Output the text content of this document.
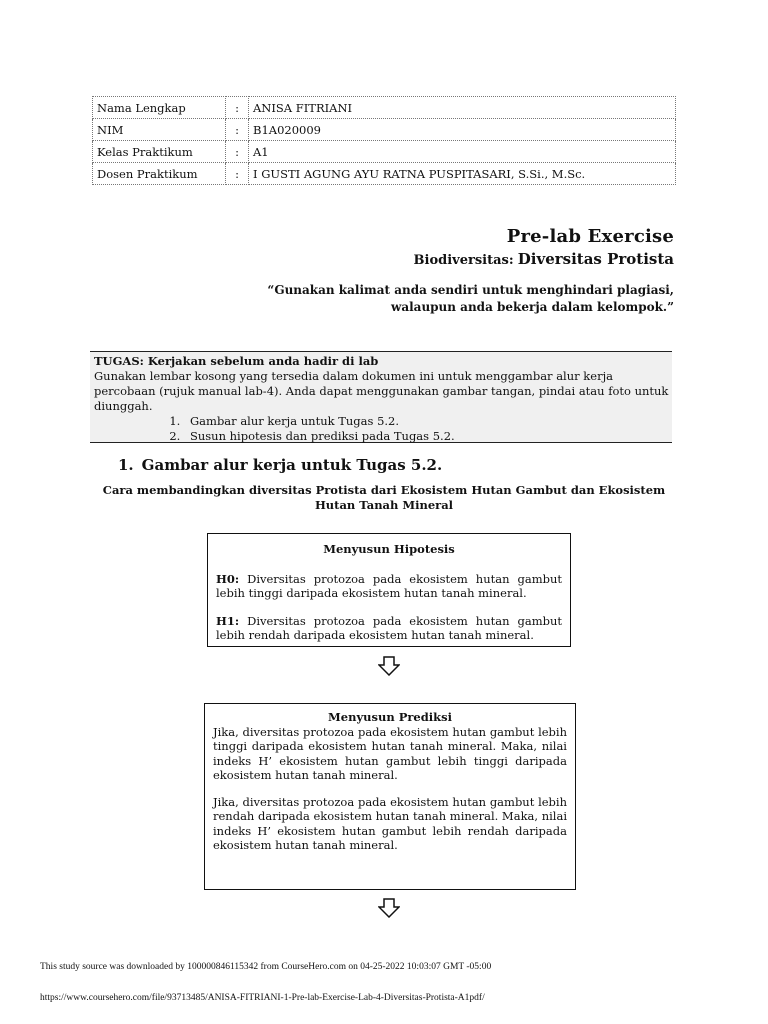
Nama Lengkap	:	ANISA FITRIANI
NIM	:	B1A020009
Kelas Praktikum	:	A1
Dosen Praktikum	:	I GUSTI AGUNG AYU RATNA PUSPITASARI, S.Si., M.Sc.
Pre-lab Exercise
Biodiversitas: Diversitas Protista
“Gunakan kalimat anda sendiri untuk menghindari plagiasi,
walaupun anda bekerja dalam kelompok.”
TUGAS: Kerjakan sebelum anda hadir di lab
Gunakan lembar kosong yang tersedia dalam dokumen ini untuk menggambar alur kerja percobaan (rujuk manual lab-4). Anda dapat menggunakan gambar tangan, pindai atau foto untuk diunggah.
1. Gambar alur kerja untuk Tugas 5.2.
2. Susun hipotesis dan prediksi pada Tugas 5.2.
1. Gambar alur kerja untuk Tugas 5.2.
Cara membandingkan diversitas Protista dari Ekosistem Hutan Gambut dan Ekosistem Hutan Tanah Mineral
Menyusun Hipotesis

H0: Diversitas protozoa pada ekosistem hutan gambut lebih tinggi daripada ekosistem hutan tanah mineral.

H1: Diversitas protozoa pada ekosistem hutan gambut lebih rendah daripada ekosistem hutan tanah mineral.

Menyusun Prediksi

Jika, diversitas protozoa pada ekosistem hutan gambut lebih tinggi daripada ekosistem hutan tanah mineral. Maka, nilai indeks H’ ekosistem hutan gambut lebih tinggi daripada ekosistem hutan tanah mineral.

Jika, diversitas protozoa pada ekosistem hutan gambut lebih rendah daripada ekosistem hutan tanah mineral. Maka, nilai indeks H’ ekosistem hutan gambut lebih rendah daripada ekosistem hutan tanah mineral.

This study source was downloaded by 100000846115342 from CourseHero.com on 04-25-2022 10:03:07 GMT -05:00
https://www.coursehero.com/file/93713485/ANISA-FITRIANI-1-Pre-lab-Exercise-Lab-4-Diversitas-Protista-A1pdf/
